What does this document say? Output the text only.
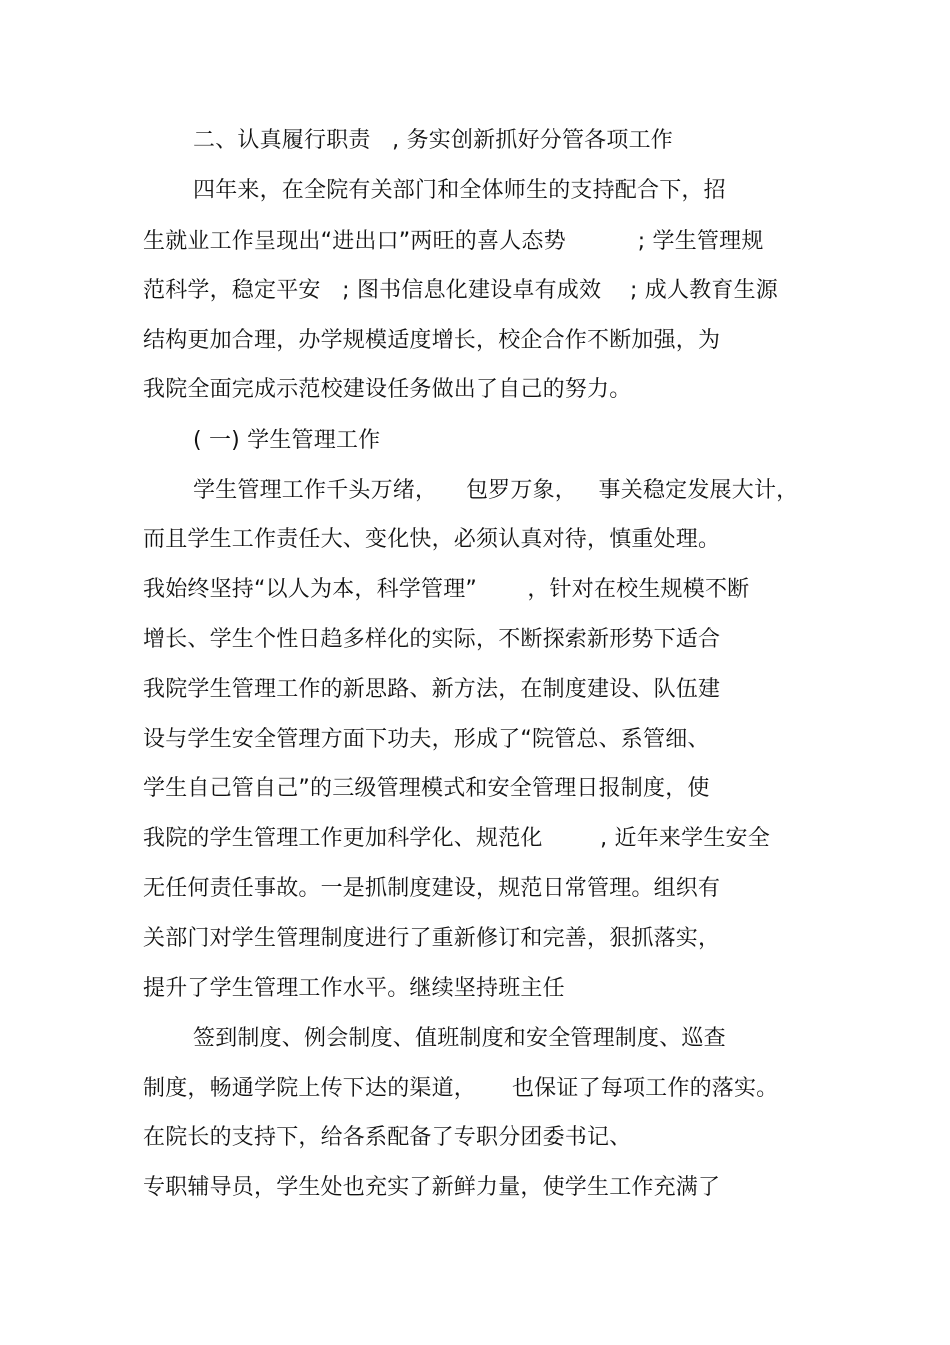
二、认真履行职责   , 务实创新抓好分管各项工作
四年来，在全院有关部门和全体师生的支持配合下，招
生就业工作呈现出“进出口”两旺的喜人态势          ; 学生管理规
范科学，稳定平安   ; 图书信息化建设卓有成效    ; 成人教育生源
结构更加合理，办学规模适度增长，校企合作不断加强，为
我院全面完成示范校建设任务做出了自己的努力。
( 一) 学生管理工作
学生管理工作千头万绪，    包罗万象，   事关稳定发展大计，
而且学生工作责任大、变化快，必须认真对待，慎重处理。
我始终坚持“以人为本，科学管理”       ，针对在校生规模不断
增长、学生个性日趋多样化的实际，不断探索新形势下适合
我院学生管理工作的新思路、新方法，在制度建设、队伍建
设与学生安全管理方面下功夫，形成了“院管总、系管细、
学生自己管自己”的三级管理模式和安全管理日报制度，使
我院的学生管理工作更加科学化、规范化        , 近年来学生安全
无任何责任事故。一是抓制度建设，规范日常管理。组织有
关部门对学生管理制度进行了重新修订和完善，狠抓落实，
提升了学生管理工作水平。继续坚持班主任
签到制度、例会制度、值班制度和安全管理制度、巡查
制度，畅通学院上传下达的渠道，     也保证了每项工作的落实。
在院长的支持下，给各系配备了专职分团委书记、
专职辅导员，学生处也充实了新鲜力量，使学生工作充满了
